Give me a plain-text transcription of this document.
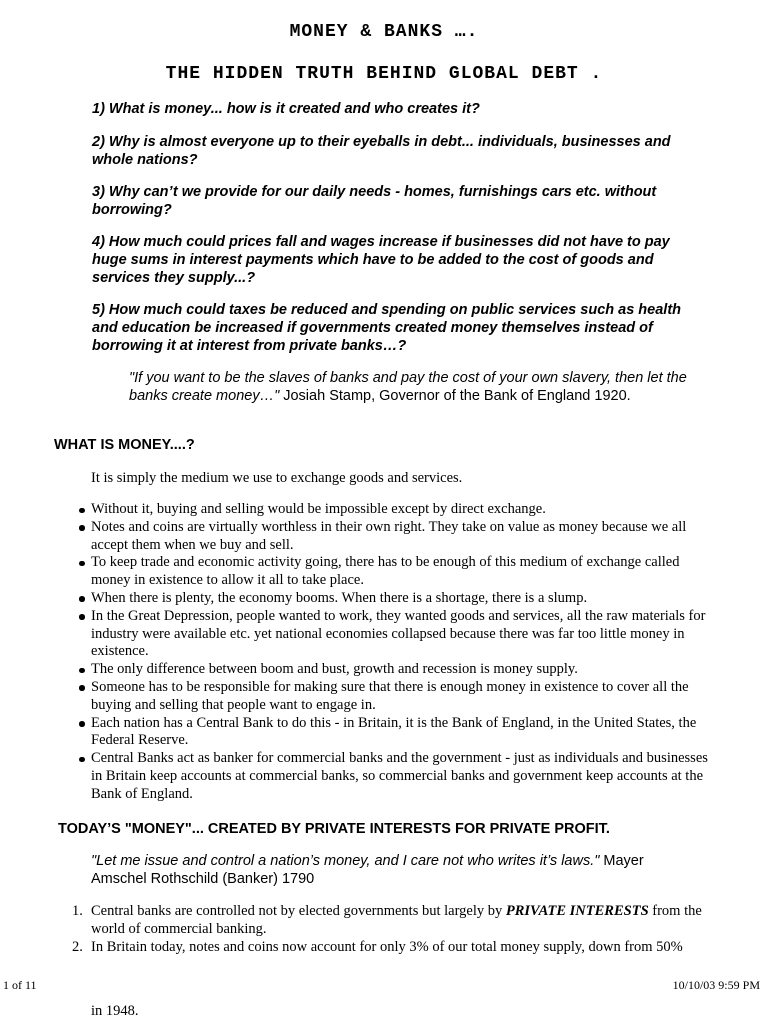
MONEY & BANKS ….
THE HIDDEN TRUTH BEHIND GLOBAL DEBT .
1) What is money... how is it created and who creates it?
2) Why is almost everyone up to their eyeballs in debt... individuals, businesses and whole nations?
3) Why can’t we provide for our daily needs - homes, furnishings cars etc. without borrowing?
4) How much could prices fall and wages increase if businesses did not have to pay huge sums in interest payments which have to be added to the cost of goods and services they supply...?
5) How much could taxes be reduced and spending on public services such as health and education be increased if governments created money themselves instead of borrowing it at interest from private banks…?
"If you want to be the slaves of banks and pay the cost of your own slavery, then let the banks create money…" Josiah Stamp, Governor of the Bank of England 1920.
WHAT IS MONEY....?
It is simply the medium we use to exchange goods and services.
Without it, buying and selling would be impossible except by direct exchange.
Notes and coins are virtually worthless in their own right. They take on value as money because we all accept them when we buy and sell.
To keep trade and economic activity going, there has to be enough of this medium of exchange called money in existence to allow it all to take place.
When there is plenty, the economy booms. When there is a shortage, there is a slump.
In the Great Depression, people wanted to work, they wanted goods and services, all the raw materials for industry were available etc. yet national economies collapsed because there was far too little money in existence.
The only difference between boom and bust, growth and recession is money supply.
Someone has to be responsible for making sure that there is enough money in existence to cover all the buying and selling that people want to engage in.
Each nation has a Central Bank to do this - in Britain, it is the Bank of England, in the United States, the Federal Reserve.
Central Banks act as banker for commercial banks and the government - just as individuals and businesses in Britain keep accounts at commercial banks, so commercial banks and government keep accounts at the Bank of England.
TODAY’S "MONEY"... CREATED BY PRIVATE INTERESTS FOR PRIVATE PROFIT.
"Let me issue and control a nation’s money, and I care not who writes it’s laws." Mayer Amschel Rothschild (Banker) 1790
1. Central banks are controlled not by elected governments but largely by PRIVATE INTERESTS from the world of commercial banking.
2. In Britain today, notes and coins now account for only 3% of our total money supply, down from 50%
1 of 11	10/10/03 9:59 PM
in 1948.
